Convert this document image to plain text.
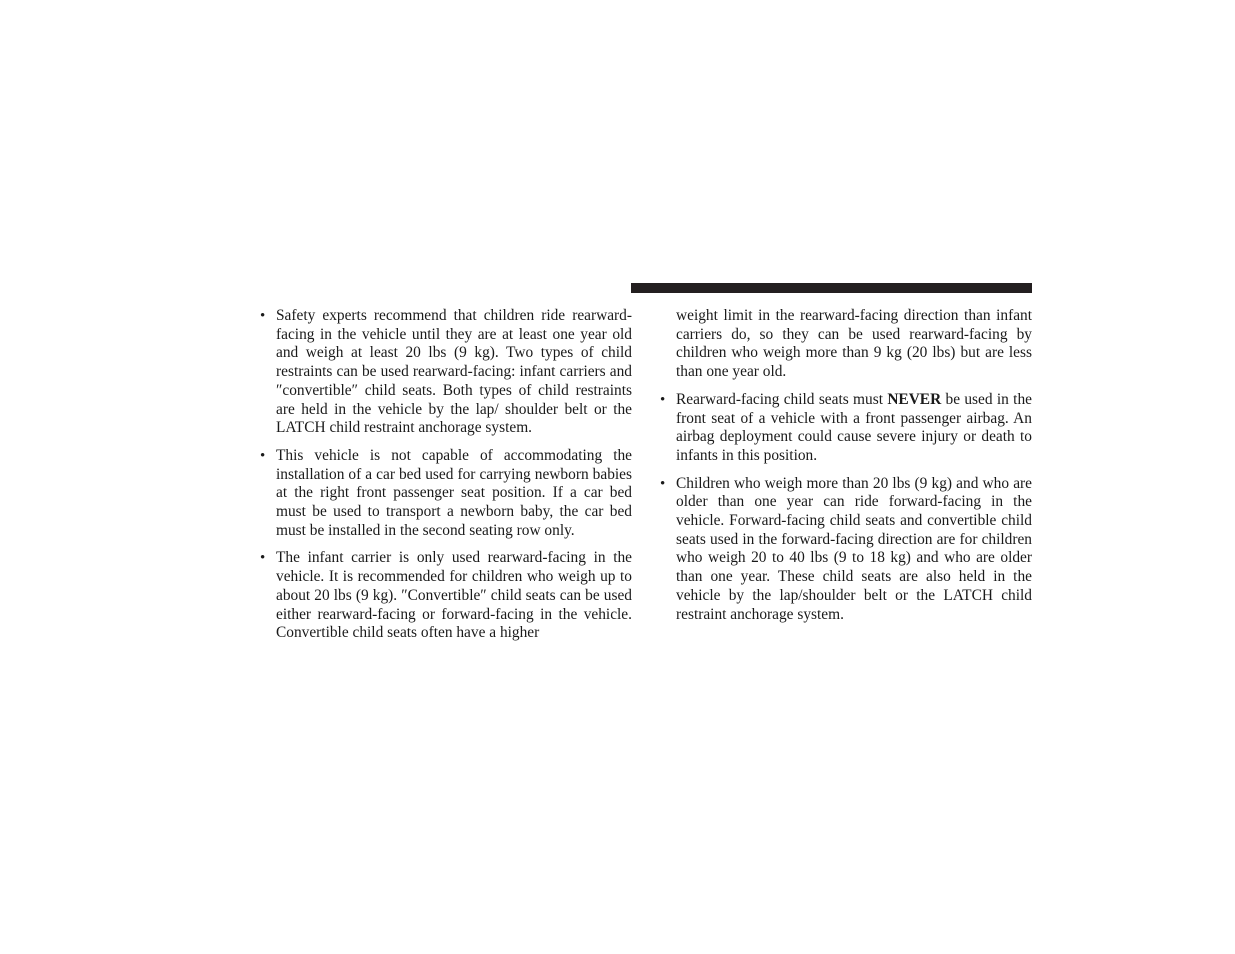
• Safety experts recommend that children ride rearward-facing in the vehicle until they are at least one year old and weigh at least 20 lbs (9 kg). Two types of child restraints can be used rearward-facing: infant carriers and ″convertible″ child seats. Both types of child restraints are held in the vehicle by the lap/ shoulder belt or the LATCH child restraint anchorage system.

• This vehicle is not capable of accommodating the installation of a car bed used for carrying newborn babies at the right front passenger seat position. If a car bed must be used to transport a newborn baby, the car bed must be installed in the second seating row only.

• The infant carrier is only used rearward-facing in the vehicle. It is recommended for children who weigh up to about 20 lbs (9 kg). ″Convertible″ child seats can be used either rearward-facing or forward-facing in the vehicle. Convertible child seats often have a higher

weight limit in the rearward-facing direction than infant carriers do, so they can be used rearward-facing by children who weigh more than 9 kg (20 lbs) but are less than one year old.

• Rearward-facing child seats must NEVER be used in the front seat of a vehicle with a front passenger airbag. An airbag deployment could cause severe injury or death to infants in this position.

• Children who weigh more than 20 lbs (9 kg) and who are older than one year can ride forward-facing in the vehicle. Forward-facing child seats and convertible child seats used in the forward-facing direction are for children who weigh 20 to 40 lbs (9 to 18 kg) and who are older than one year. These child seats are also held in the vehicle by the lap/shoulder belt or the LATCH child restraint anchorage system.
